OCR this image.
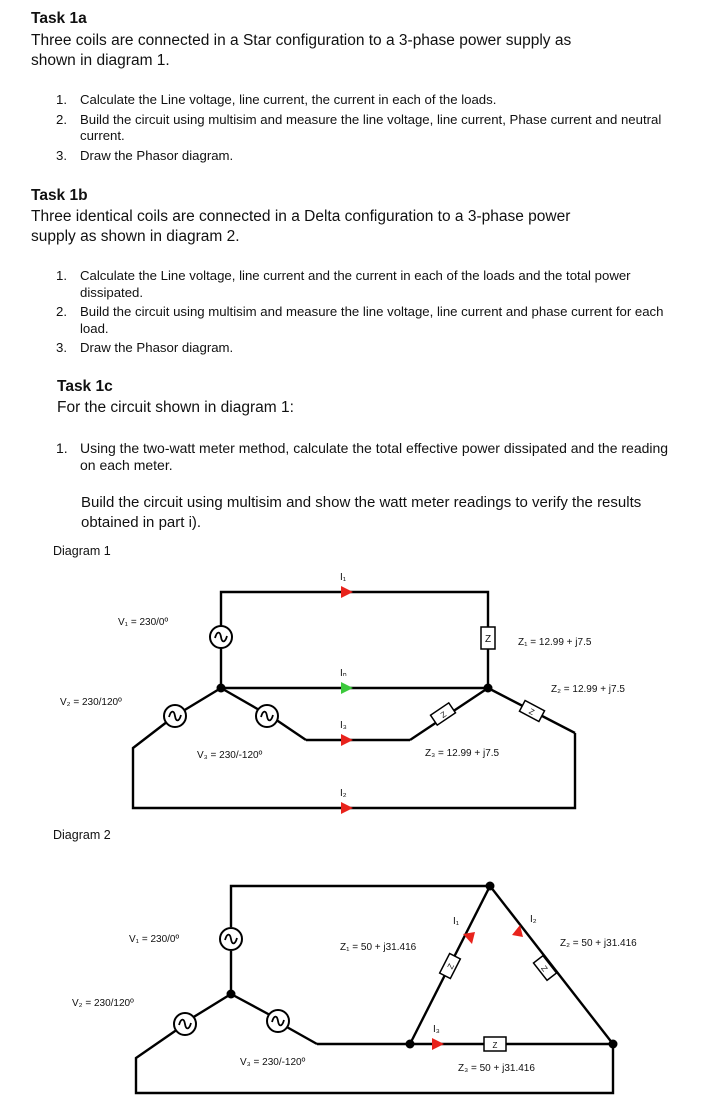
Task 1a

Three coils are connected in a Star configuration to a 3-phase power supply as
shown in diagram 1.

1. Calculate the Line voltage, line current, the current in each of the loads.
2. Build the circuit using multisim and measure the line voltage, line current, Phase current and neutral current.
3. Draw the Phasor diagram.
Task 1b

Three identical coils are connected in a Delta configuration to a 3-phase power
supply as shown in diagram 2.

1. Calculate the Line voltage, line current and the current in each of the loads and the total power dissipated.
2. Build the circuit using multisim and measure the line voltage, line current and phase current for each load.
3. Draw the Phasor diagram.
Task 1c

For the circuit shown in diagram 1:

1. Using the two-watt meter method, calculate the total effective power dissipated and the reading on each meter.

Build the circuit using multisim and show the watt meter readings to verify the results obtained in part i).

Diagram 1

Z
Z	Z
I₁
Iₙ
I₃
I₂
V₁ = 230/0º
V₂ = 230/120º
V₃ = 230/-120º
Z₁ = 12.99 + j7.5
Z₂ = 12.99 + j7.5
Z₃ = 12.99 + j7.5

Diagram 2

Z	Z
Z
I₁	I₂
I₃
V₁ = 230/0º
V₂ = 230/120º
V₃ = 230/-120º
Z₁ = 50 + j31.416	Z₂ = 50 + j31.416
Z₃ = 50 + j31.416
